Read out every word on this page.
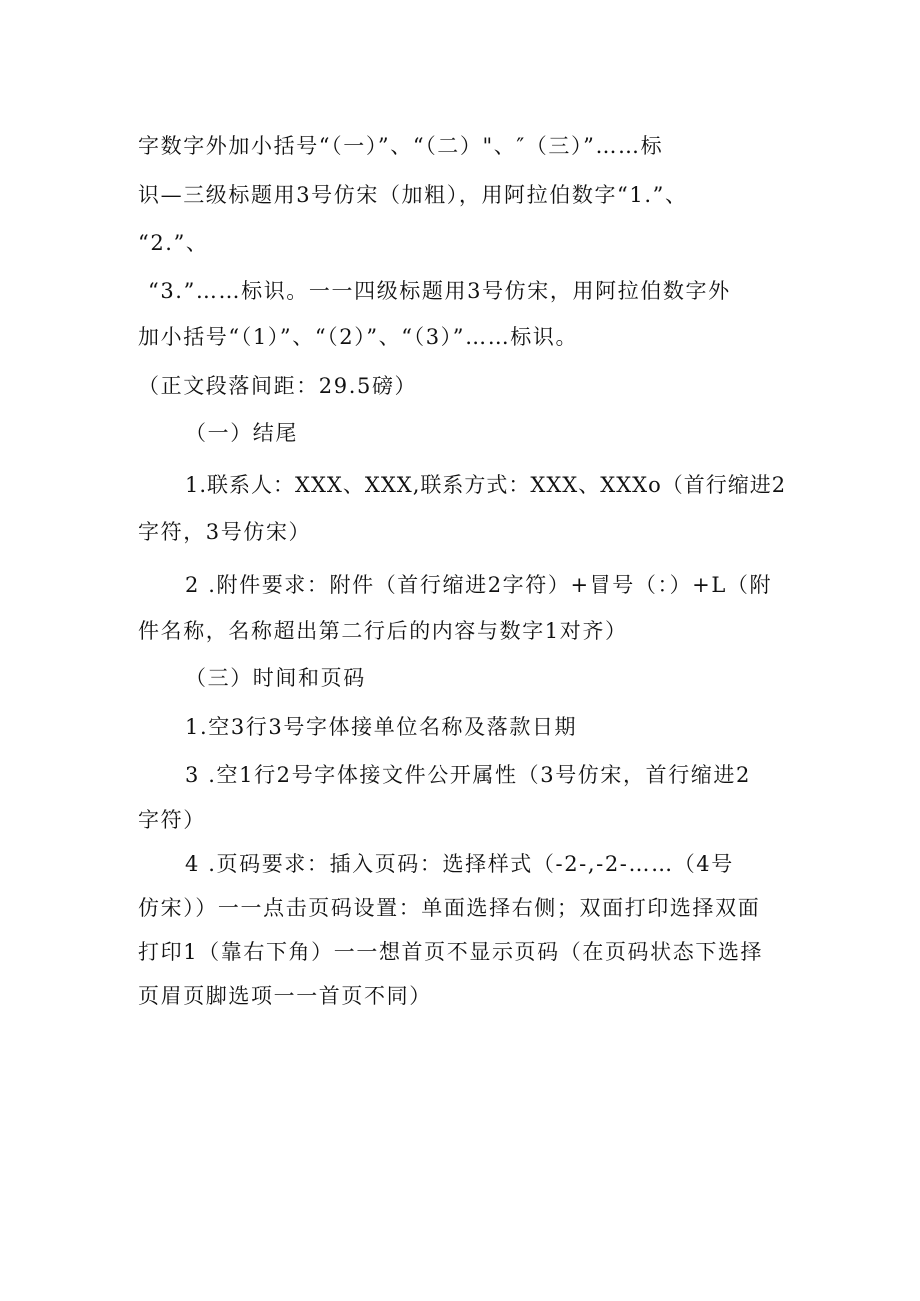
字数字外加小括号“（一）”、“（二）"、″（三）”……标
识—三级标题用3号仿宋（加粗），用阿拉伯数字“1.”、
“2.”、
“3.”……标识。一一四级标题用3号仿宋，用阿拉伯数字外
加小括号“（1）”、“（2）”、“（3）”……标识。
（正文段落间距：29.5磅）
（一）结尾
1.联系人：XXX、XXX,联系方式：XXX、XXXo（首行缩进2
字符，3号仿宋）
2 .附件要求：附件（首行缩进2字符）+冒号（：）+L（附
件名称，名称超出第二行后的内容与数字1对齐）
（三）时间和页码
1.空3行3号字体接单位名称及落款日期
3 .空1行2号字体接文件公开属性（3号仿宋，首行缩进2
字符）
4 .页码要求：插入页码：选择样式（-2-,-2-……（4号
仿宋））一一点击页码设置：单面选择右侧；双面打印选择双面
打印1（靠右下角）一一想首页不显示页码（在页码状态下选择
页眉页脚选项一一首页不同）
